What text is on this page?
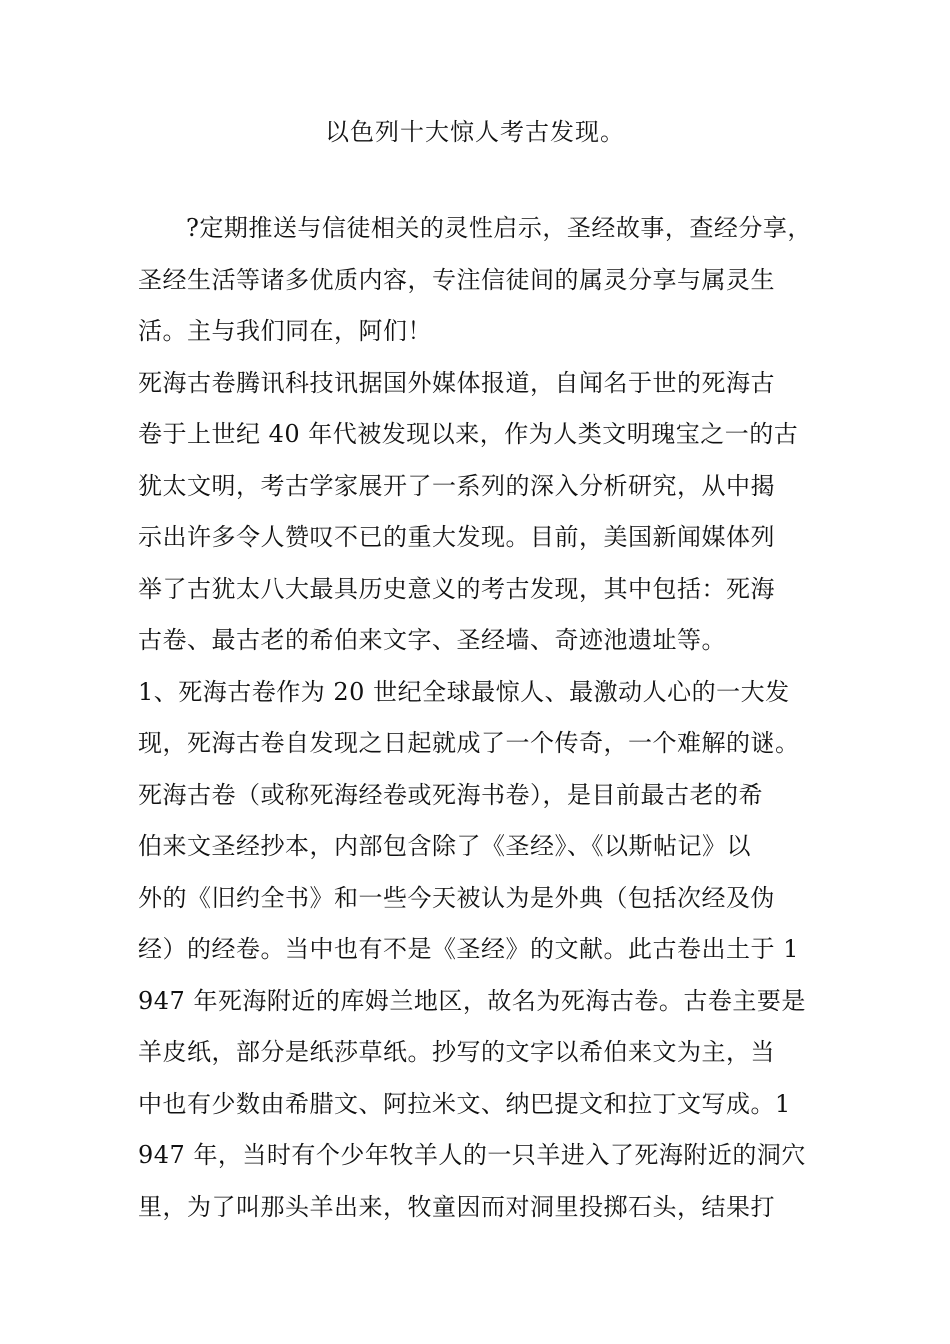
以色列十大惊人考古发现。
?定期推送与信徒相关的灵性启示，圣经故事，查经分享，
圣经生活等诸多优质内容，专注信徒间的属灵分享与属灵生
活。主与我们同在，阿们！
死海古卷腾讯科技讯据国外媒体报道，自闻名于世的死海古
卷于上世纪 40 年代被发现以来，作为人类文明瑰宝之一的古
犹太文明，考古学家展开了一系列的深入分析研究，从中揭
示出许多令人赞叹不已的重大发现。目前，美国新闻媒体列
举了古犹太八大最具历史意义的考古发现，其中包括：死海
古卷、最古老的希伯来文字、圣经墙、奇迹池遗址等。
1、死海古卷作为 20 世纪全球最惊人、最激动人心的一大发
现，死海古卷自发现之日起就成了一个传奇，一个难解的谜。
死海古卷（或称死海经卷或死海书卷），是目前最古老的希
伯来文圣经抄本，内部包含除了《圣经》、《以斯帖记》以
外的《旧约全书》和一些今天被认为是外典（包括次经及伪
经）的经卷。当中也有不是《圣经》的文献。此古卷出土于 1
947 年死海附近的库姆兰地区，故名为死海古卷。古卷主要是
羊皮纸，部分是纸莎草纸。抄写的文字以希伯来文为主，当
中也有少数由希腊文、阿拉米文、纳巴提文和拉丁文写成。1
947 年，当时有个少年牧羊人的一只羊进入了死海附近的洞穴
里，为了叫那头羊出来，牧童因而对洞里投掷石头，结果打
